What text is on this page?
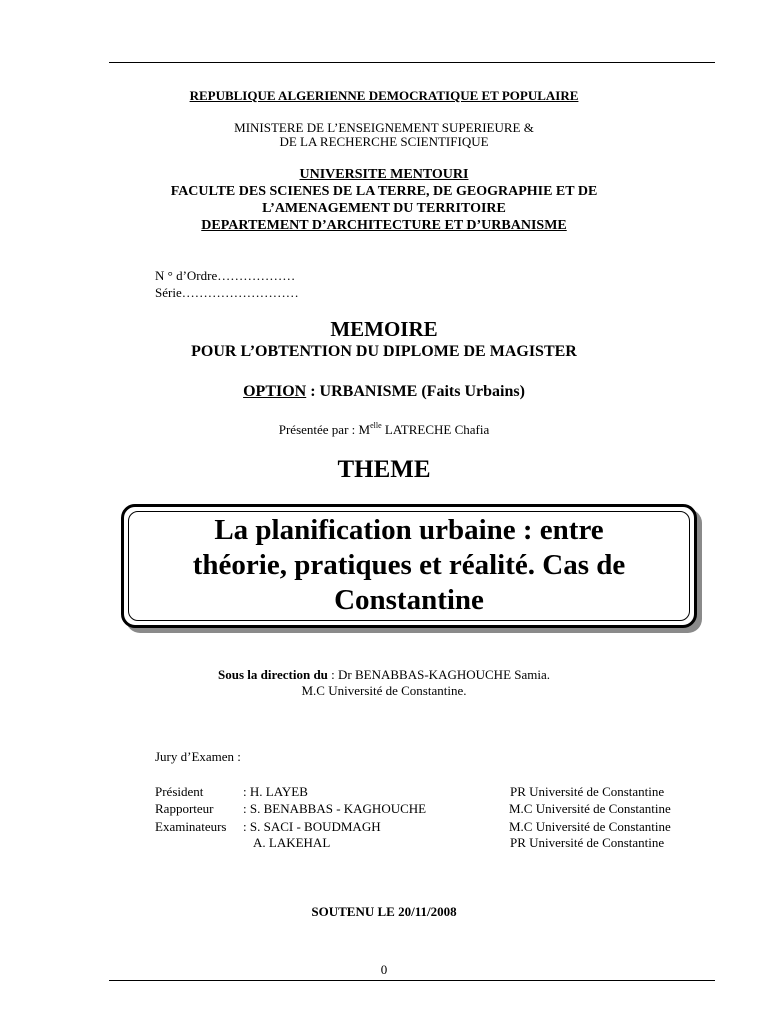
REPUBLIQUE ALGERIENNE DEMOCRATIQUE ET POPULAIRE
MINISTERE DE L’ENSEIGNEMENT SUPERIEURE &
DE LA RECHERCHE SCIENTIFIQUE
UNIVERSITE MENTOURI
FACULTE DES SCIENES DE LA TERRE, DE GEOGRAPHIE ET DE
L’AMENAGEMENT DU TERRITOIRE
DEPARTEMENT D’ARCHITECTURE ET D’URBANISME
N ° d’Ordre………………
Série………………………
MEMOIRE
POUR L’OBTENTION DU DIPLOME DE MAGISTER
OPTION : URBANISME (Faits Urbains)
Présentée par : $M^{elle}$ LATRECHE Chafia
THEME
La planification urbaine : entre
théorie, pratiques et réalité. Cas de
Constantine
Sous la direction du : Dr BENABBAS-KAGHOUCHE Samia.
M.C Université de Constantine.
Jury d’Examen :
Président	: H. LAYEB	PR Université de Constantine
Rapporteur : S. BENABBAS - KAGHOUCHE	M.C Université de Constantine
Examinateurs : S. SACI - BOUDMAGH	M.C Université de Constantine
A. LAKEHAL	PR Université de Constantine
SOUTENU LE 20/11/2008
0
